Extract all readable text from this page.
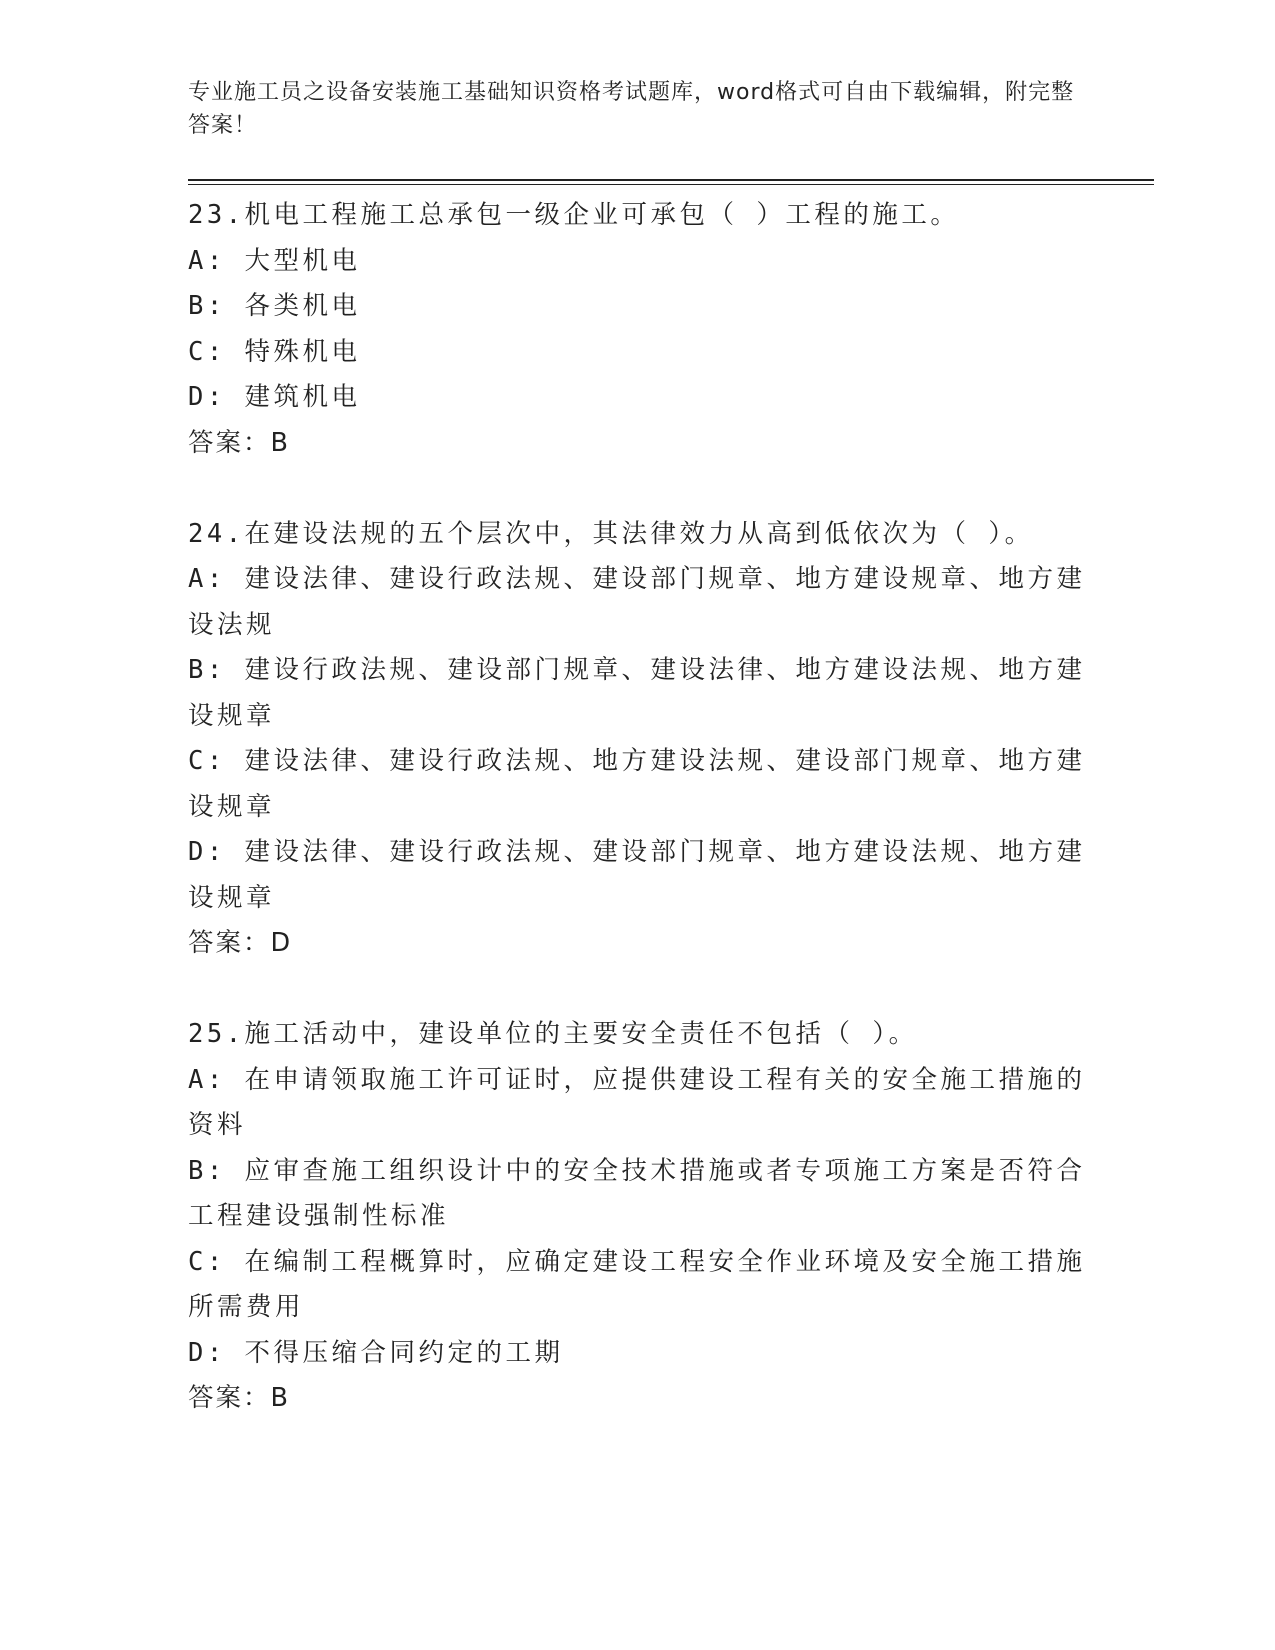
专业施工员之设备安装施工基础知识资格考试题库，word格式可自由下载编辑，附完整答案！
23.机电工程施工总承包一级企业可承包（ ）工程的施工。
A: 大型机电
B: 各类机电
C: 特殊机电
D: 建筑机电
答案：B
24.在建设法规的五个层次中，其法律效力从高到低依次为（ ）。
A: 建设法律、建设行政法规、建设部门规章、地方建设规章、地方建设法规
B: 建设行政法规、建设部门规章、建设法律、地方建设法规、地方建设规章
C: 建设法律、建设行政法规、地方建设法规、建设部门规章、地方建设规章
D: 建设法律、建设行政法规、建设部门规章、地方建设法规、地方建设规章
答案：D
25.施工活动中，建设单位的主要安全责任不包括（ ）。
A: 在申请领取施工许可证时，应提供建设工程有关的安全施工措施的资料
B: 应审查施工组织设计中的安全技术措施或者专项施工方案是否符合工程建设强制性标准
C: 在编制工程概算时，应确定建设工程安全作业环境及安全施工措施所需费用
D: 不得压缩合同约定的工期
答案：B
